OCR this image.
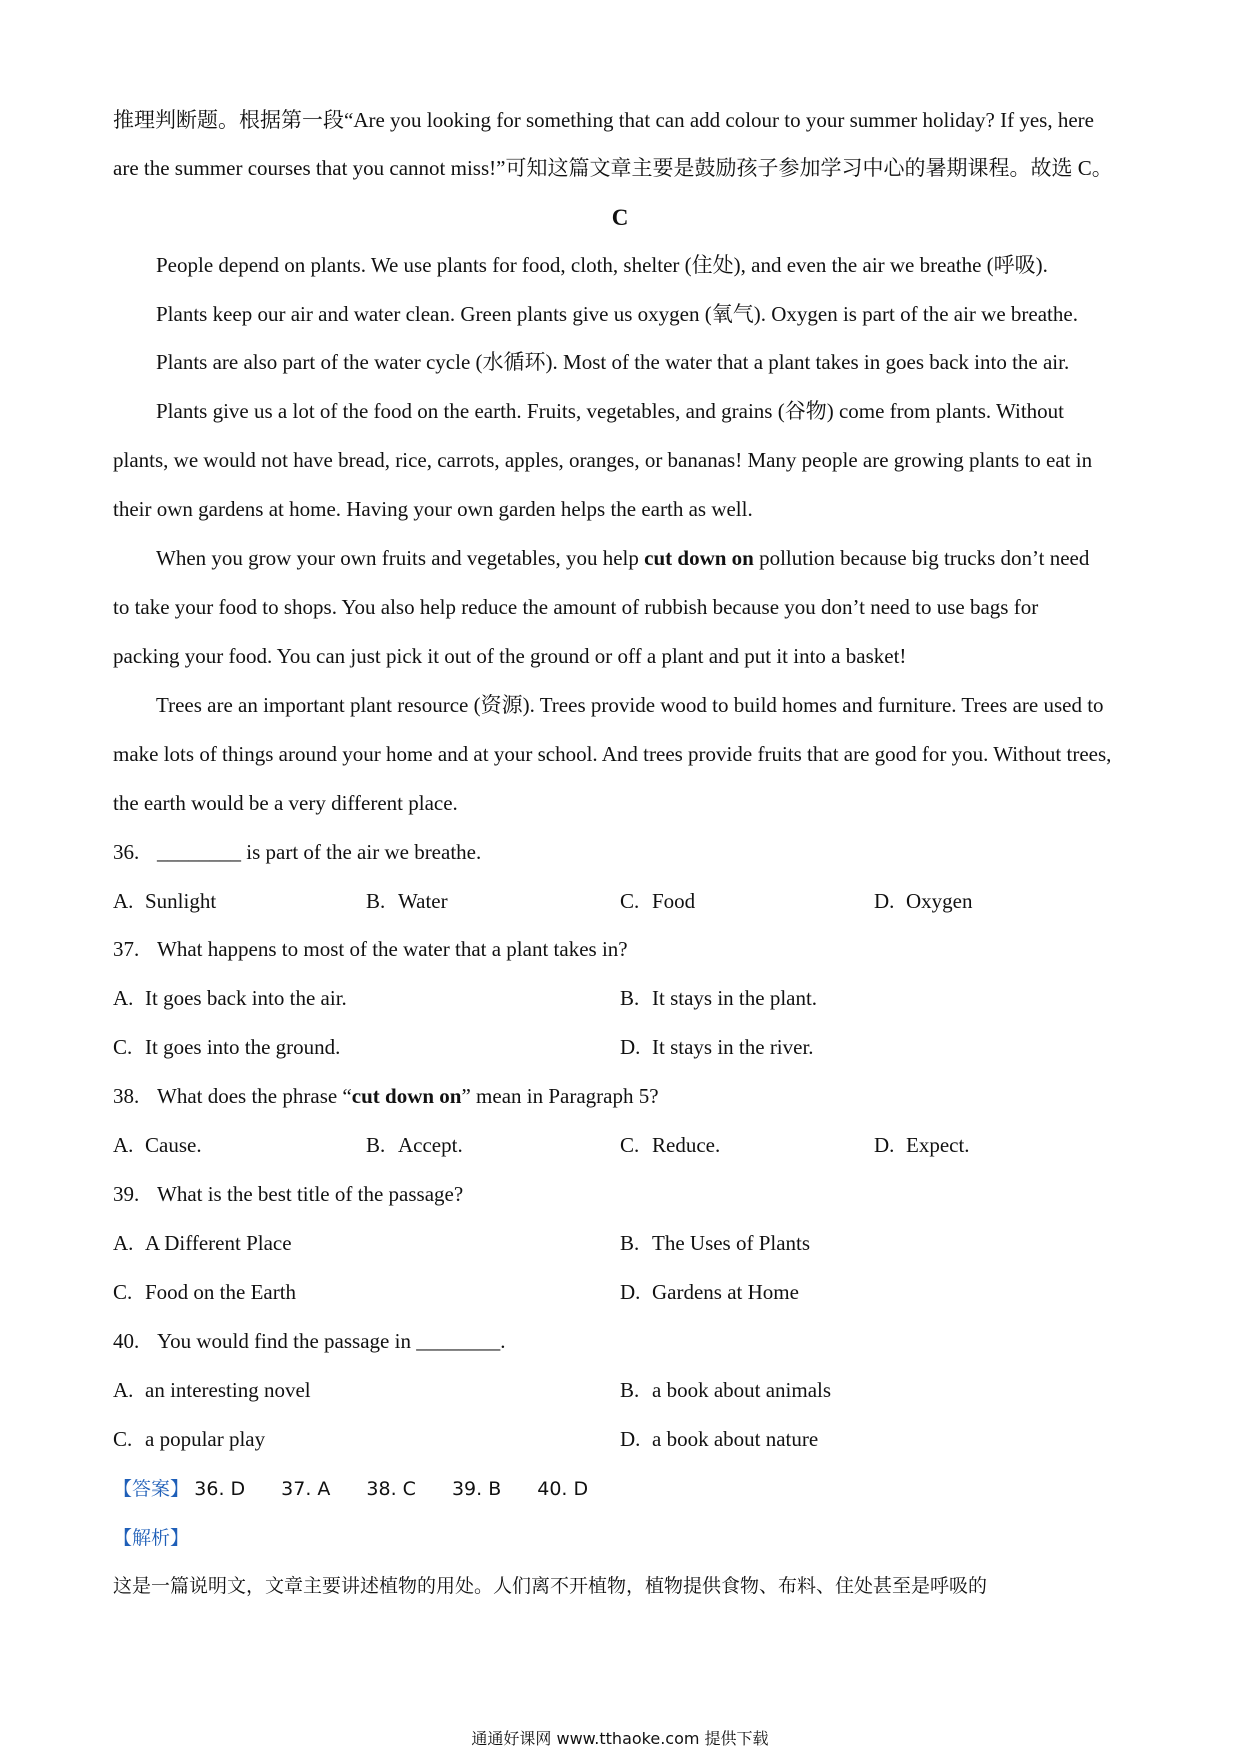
推理判断题。根据第一段“Are you looking for something that can add colour to your summer holiday? If yes, here
are the summer courses that you cannot miss!”可知这篇文章主要是鼓励孩子参加学习中心的暑期课程。故选 C。
C
People depend on plants. We use plants for food, cloth, shelter (住处), and even the air we breathe (呼吸).
Plants keep our air and water clean. Green plants give us oxygen (氧气). Oxygen is part of the air we breathe.
Plants are also part of the water cycle (水循环). Most of the water that a plant takes in goes back into the air.
Plants give us a lot of the food on the earth. Fruits, vegetables, and grains (谷物) come from plants. Without
plants, we would not have bread, rice, carrots, apples, oranges, or bananas! Many people are growing plants to eat in
their own gardens at home. Having your own garden helps the earth as well.
When you grow your own fruits and vegetables, you help cut down on pollution because big trucks don’t need
to take your food to shops. You also help reduce the amount of rubbish because you don’t need to use bags for
packing your food. You can just pick it out of the ground or off a plant and put it into a basket!
Trees are an important plant resource (资源). Trees provide wood to build homes and furniture. Trees are used to
make lots of things around your home and at your school. And trees provide fruits that are good for you. Without trees,
the earth would be a very different place.
36. ________ is part of the air we breathe.
A. Sunlight	B. Water	C. Food	D. Oxygen
37. What happens to most of the water that a plant takes in?
A. It goes back into the air.	B. It stays in the plant.
C. It goes into the ground.	D. It stays in the river.
38. What does the phrase “cut down on” mean in Paragraph 5?
A. Cause.	B. Accept.	C. Reduce.	D. Expect.
39. What is the best title of the passage?
A. A Different Place	B. The Uses of Plants
C. Food on the Earth	D. Gardens at Home
40. You would find the passage in ________.
A. an interesting novel	B. a book about animals
C. a popular play	D. a book about nature
【答案】 36. D 37. A 38. C 39. B 40. D
【解析】
这是一篇说明文，文章主要讲述植物的用处。人们离不开植物，植物提供食物、布料、住处甚至是呼吸的
通通好课网 www.tthaoke.com 提供下载
